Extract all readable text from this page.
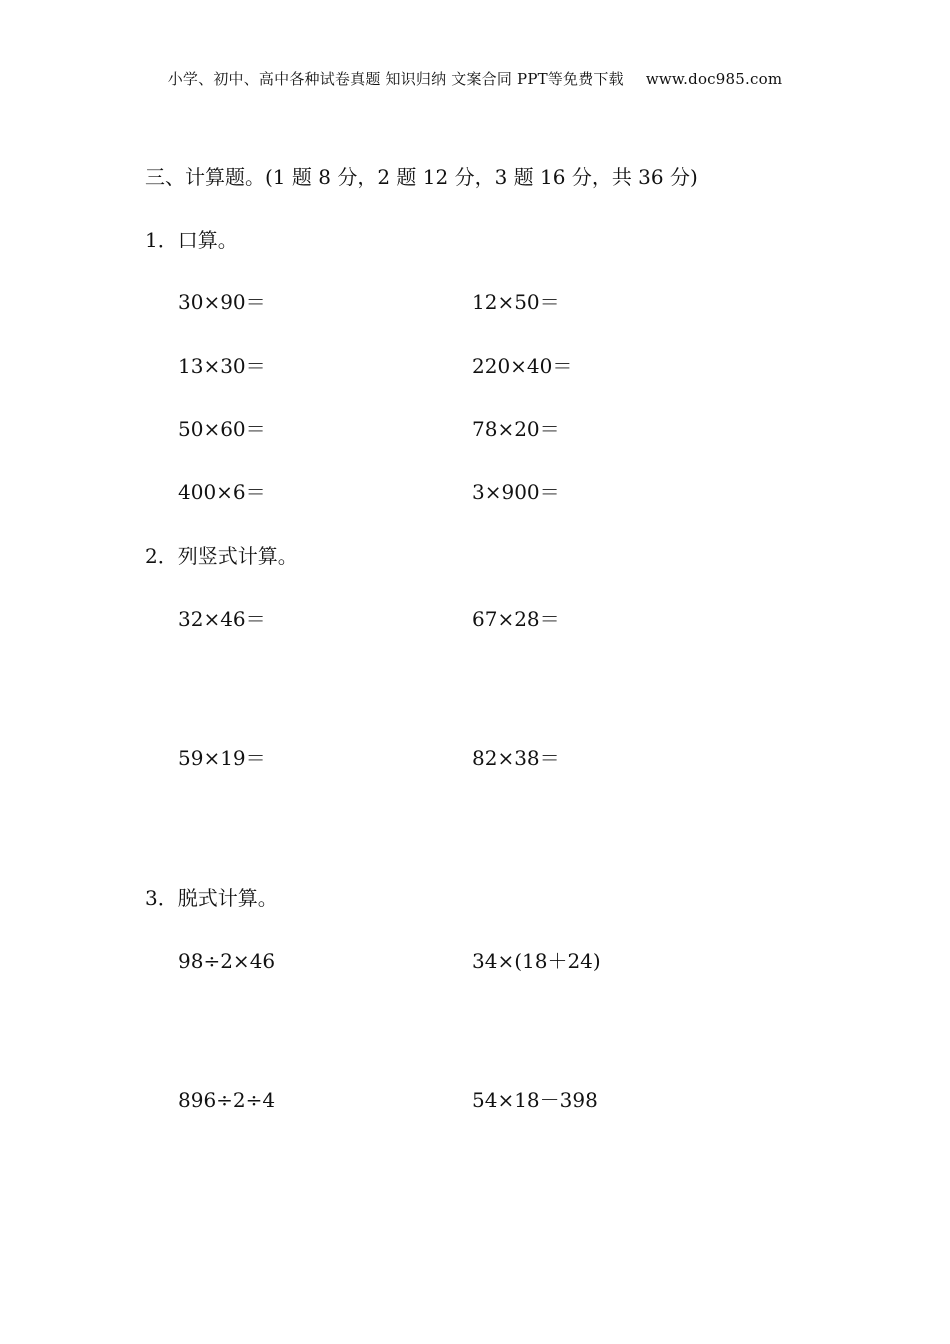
小学、初中、高中各种试卷真题 知识归纳 文案合同 PPT等免费下载 www.doc985.com
三、计算题。(1 题 8 分，2 题 12 分，3 题 16 分，共 36 分)
1．口算。
30×90＝	12×50＝
13×30＝	220×40＝
50×60＝	78×20＝
400×6＝	3×900＝
2．列竖式计算。
32×46＝	67×28＝
59×19＝	82×38＝
3．脱式计算。
98÷2×46	34×(18＋24)
896÷2÷4	54×18－398
